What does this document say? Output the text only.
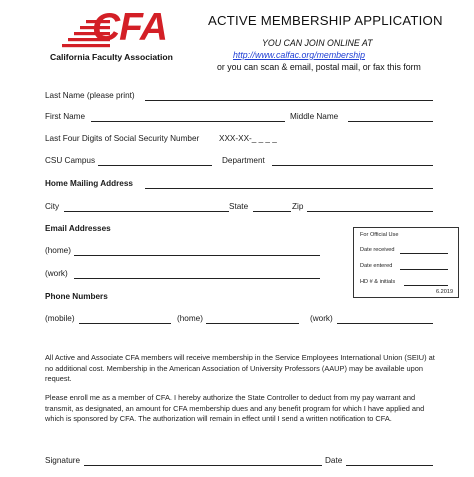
CFA
California Faculty Association
ACTIVE MEMBERSHIP APPLICATION
YOU CAN JOIN ONLINE AT
http://www.calfac.org/membership
or you can scan & email, postal mail, or fax this form
Last Name (please print)
First Name	Middle Name
Last Four Digits of Social Security Number XXX-XX-_ _ _ _
CSU Campus	Department
Home Mailing Address
City	State	Zip
Email Addresses
(home)
(work)
For Official Use
Date received
Date entered
HD # & initials
6.2019
Phone Numbers
(mobile)	(home)	(work)
All Active and Associate CFA members will receive membership in the Service Employees International Union (SEIU) at no additional cost. Membership in the American Association of University Professors (AAUP) may be available upon request.
Please enroll me as a member of CFA. I hereby authorize the State Controller to deduct from my pay warrant and transmit, as designated, an amount for CFA membership dues and any benefit program for which I have applied and which is sponsored by CFA. The authorization will remain in effect until I send a written notification to CFA.
Signature	Date
